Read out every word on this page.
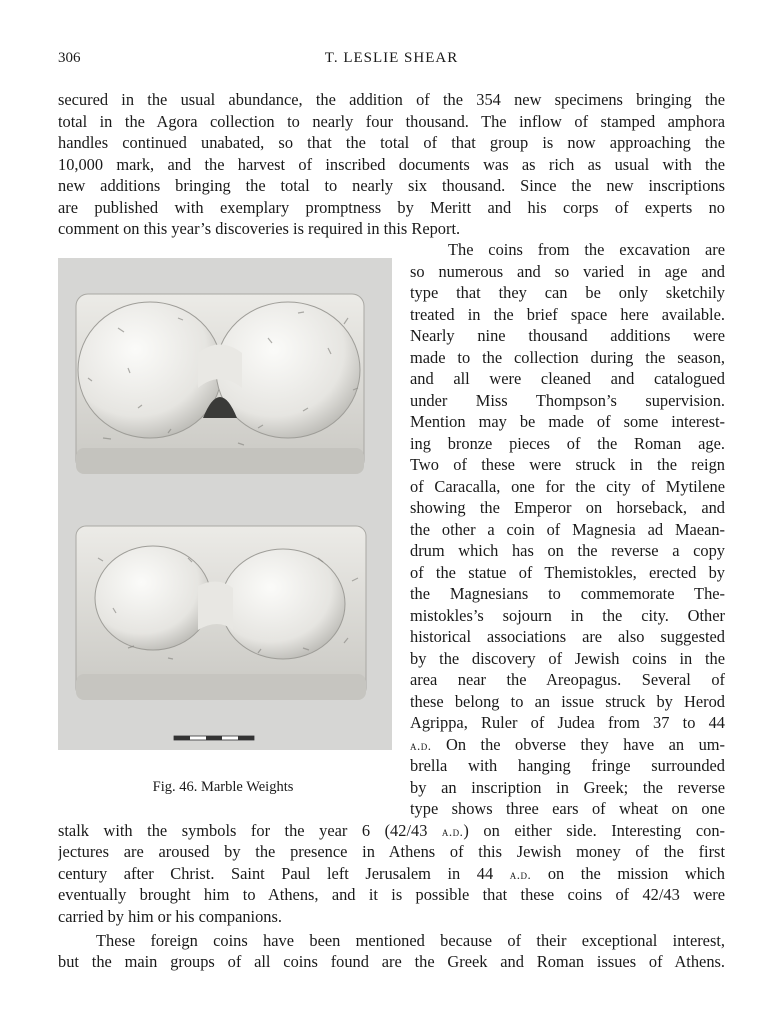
306	T. LESLIE SHEAR
secured in the usual abundance, the addition of the 354 new specimens bringing the
total in the Agora collection to nearly four thousand. The inflow of stamped amphora
handles continued unabated, so that the total of that group is now approaching the
10,000 mark, and the harvest of inscribed documents was as rich as usual with the
new additions bringing the total to nearly six thousand. Since the new inscriptions
are published with exemplary promptness by Meritt and his corps of experts no
comment on this year’s discoveries is required in this Report.
Fig. 46. Marble Weights
The coins from the excavation are
so numerous and so varied in age and
type that they can be only sketchily
treated in the brief space here available.
Nearly nine thousand additions were
made to the collection during the season,
and all were cleaned and catalogued
under Miss Thompson’s supervision.
Mention may be made of some interest-
ing bronze pieces of the Roman age.
Two of these were struck in the reign
of Caracalla, one for the city of Mytilene
showing the Emperor on horseback, and
the other a coin of Magnesia ad Maean-
drum which has on the reverse a copy
of the statue of Themistokles, erected by
the Magnesians to commemorate The-
mistokles’s sojourn in the city. Other
historical associations are also suggested
by the discovery of Jewish coins in the
area near the Areopagus. Several of
these belong to an issue struck by Herod
Agrippa, Ruler of Judea from 37 to 44
a.d. On the obverse they have an um-
brella with hanging fringe surrounded
by an inscription in Greek; the reverse
type shows three ears of wheat on one
stalk with the symbols for the year 6 (42/43 a.d.) on either side. Interesting con-
jectures are aroused by the presence in Athens of this Jewish money of the first
century after Christ. Saint Paul left Jerusalem in 44 a.d. on the mission which
eventually brought him to Athens, and it is possible that these coins of 42/43 were
carried by him or his companions.
These foreign coins have been mentioned because of their exceptional interest,
but the main groups of all coins found are the Greek and Roman issues of Athens.
